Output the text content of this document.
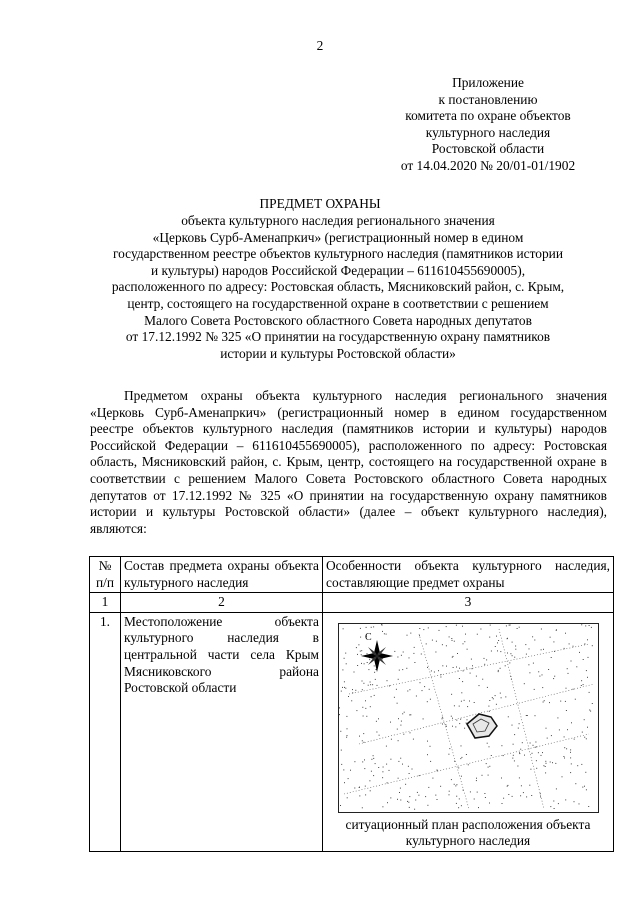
2
Приложение
к постановлению
комитета по охране объектов
культурного наследия
Ростовской области
от 14.04.2020 № 20/01-01/1902
ПРЕДМЕТ ОХРАНЫ
объекта культурного наследия регионального значения
«Церковь Сурб-Аменапркич» (регистрационный номер в едином
государственном реестре объектов культурного наследия (памятников истории
и культуры) народов Российской Федерации – 611610455690005),
расположенного по адресу: Ростовская область, Мясниковский район, с. Крым,
центр, состоящего на государственной охране в соответствии с решением
Малого Совета Ростовского областного Совета народных депутатов
от 17.12.1992 № 325 «О принятии на государственную охрану памятников
истории и культуры Ростовской области»

Предметом охраны объекта культурного наследия регионального значения «Церковь Сурб-Аменапркич» (регистрационный номер в едином государственном реестре объектов культурного наследия (памятников истории и культуры) народов Российской Федерации – 611610455690005), расположенного по адресу: Ростовская область, Мясниковский район, с. Крым, центр, состоящего на государственной охране в соответствии с решением Малого Совета Ростовского областного Совета народных депутатов от 17.12.1992 № 325 «О принятии на государственную охрану памятников истории и культуры Ростовской области» (далее – объект культурного наследия), являются:

№ п/п	Состав предмета охраны объекта культурного наследия	Особенности объекта культурного наследия, составляющие предмет охраны
1	2	3
1.	Местоположение объекта культурного наследия в центральной части села Крым Мясниковского района Ростовской области	С
ситуационный план расположения объекта культурного наследия
